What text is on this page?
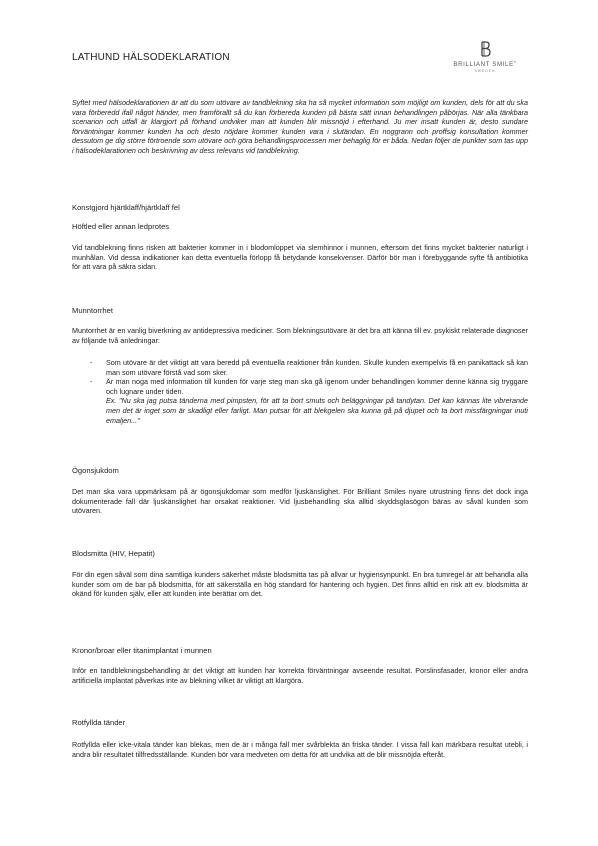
LATHUND HÄLSODEKLARATION
BRILLIANT SMILE®
SWEDEN

Syftet med hälsodeklarationen är att du som utövare av tandblekning ska ha så mycket information som möjligt om kunden, dels för att du ska vara förberedd ifall något händer, men framförallt så du kan förbereda kunden på bästa sätt innan behandlingen påbörjas. När alla tänkbara scenarion och utfall är klargjort på förhand undviker man att kunden blir missnöjd i efterhand. Ju mer insatt kunden är, desto sundare förväntningar kommer kunden ha och desto nöjdare kommer kunden vara i slutändan. En noggrann och proffsig konsultation kommer dessutom ge dig större förtroende som utövare och göra behandlingsprocessen mer behaglig för er båda. Nedan följer de punkter som tas upp i hälsodeklarationen och beskrivning av dess relevans vid tandblekning.

Konstgjord hjärtklaff/hjärtklaff fel

Höftled eller annan ledprotes

Vid tandblekning finns risken att bakterier kommer in i blodomloppet via slemhinnor i munnen, eftersom det finns mycket bakterier naturligt i munhålan. Vid dessa indikationer kan detta eventuella förlopp få betydande konsekvenser. Därför bör man i förebyggande syfte få antibiotika för att vara på säkra sidan.

Munntorrhet

Muntorrhet är en vanlig biverkning av antidepressiva mediciner. Som blekningsutövare är det bra att känna till ev. psykiskt relaterade diagnoser av följande två anledningar:

- Som utövare är det viktigt att vara beredd på eventuella reaktioner från kunden. Skulle kunden exempelvis få en panikattack så kan man som utövare förstå vad som sker.
- Är man noga med information till kunden för varje steg man ska gå igenom under behandlingen kommer denne känna sig tryggare och lugnare under tiden.
Ex. "Nu ska jag putsa tänderna med pimpsten, för att ta bort smuts och beläggningar på tandytan. Det kan kännas lite vibrerande men det är inget som är skadligt eller farligt. Man putsar för att blekgelen ska kunna gå på djupet och ta bort missfärgningar inuti emaljen..."

Ögonsjukdom

Det man ska vara uppmärksam på är ögonsjukdomar som medför ljuskänslighet. För Brilliant Smiles nyare utrustning finns det dock inga dokumenterade fall där ljuskänslighet har orsakat reaktioner. Vid ljusbehandling ska alltid skyddsglasögon bäras av såväl kunden som utövaren.

Blodsmitta (HIV, Hepatit)

För din egen såväl som dina samtliga kunders säkerhet måste blodsmitta tas på allvar ur hygiensynpunkt. En bra tumregel är att behandla alla kunder som om de bar på blodsmitta, för att säkerställa en hög standard för hantering och hygien. Det finns alltid en risk att ev. blodsmitta är okänd för kunden själv, eller att kunden inte berättar om det.

Kronor/broar eller titanimplantat i munnen

Inför en tandblekningsbehandling är det viktigt att kunden har korrekta förväntningar avseende resultat. Porslinsfasader, kronor eller andra artificiella implantat påverkas inte av blekning vilket är viktigt att klargöra.

Rotfyllda tänder

Rotfyllda eller icke-vitala tänder kan blekas, men de är i många fall mer svårblekta än friska tänder. I vissa fall kan märkbara resultat utebli, i andra blir resultatet tillfredsställande. Kunden bör vara medveten om detta för att undvika att de blir missnöjda efteråt.
